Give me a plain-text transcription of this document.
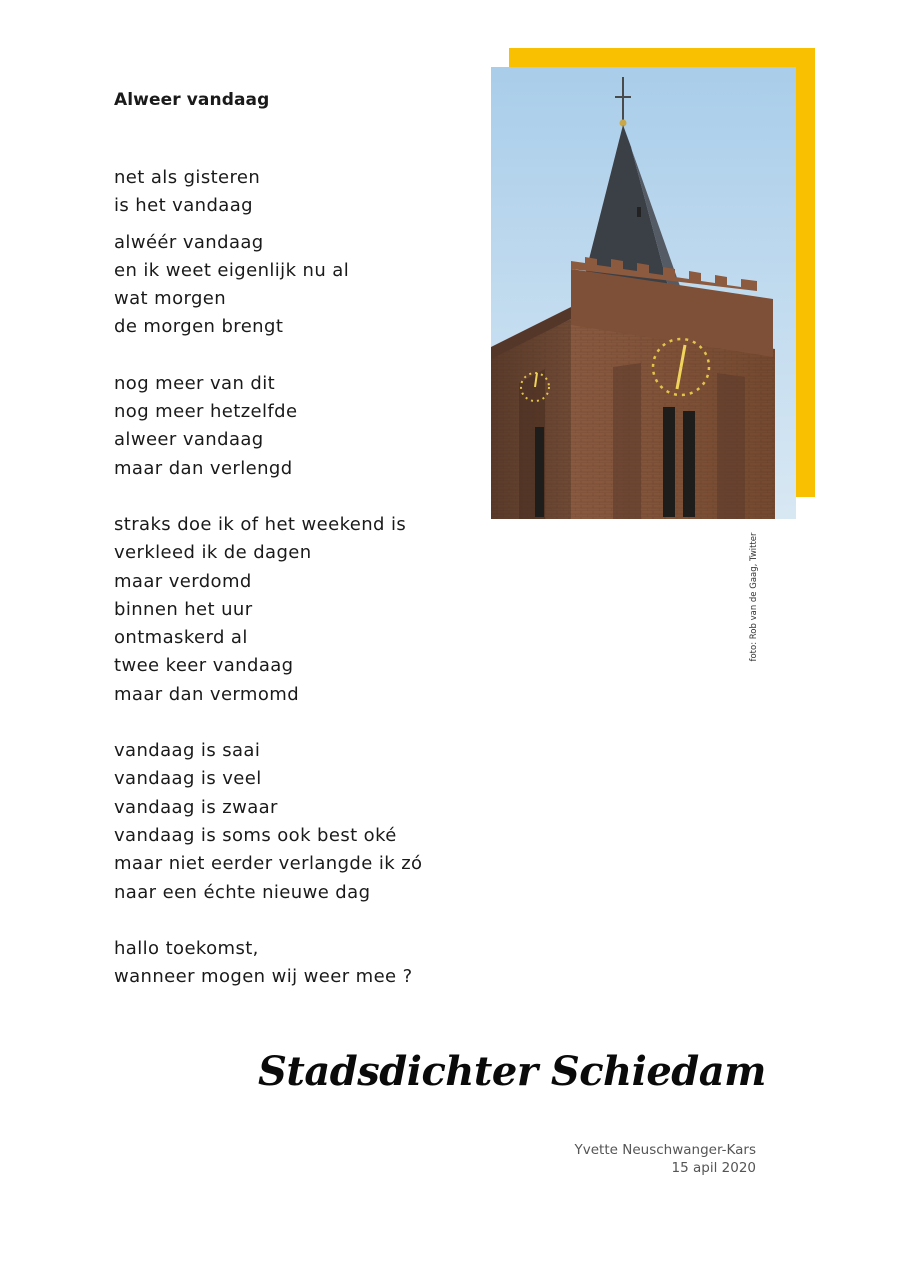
Alweer vandaag
net als gisteren
is het vandaag
alwéér vandaag
en ik weet eigenlijk nu al
wat morgen
de morgen brengt
nog meer van dit
nog meer hetzelfde
alweer vandaag
maar dan verlengd
straks doe ik of het weekend is
verkleed ik de dagen
maar verdomd
binnen het uur
ontmaskerd al
twee keer vandaag
maar dan vermomd
vandaag is saai
vandaag is veel
vandaag is zwaar
vandaag is soms ook best oké
maar niet eerder verlangde ik zó
naar een échte nieuwe dag
hallo toekomst,
wanneer mogen wij weer mee ?
foto: Rob van de Gaag, Twitter
Stadsdichter Schiedam
Yvette Neuschwanger-Kars
15 apil 2020
